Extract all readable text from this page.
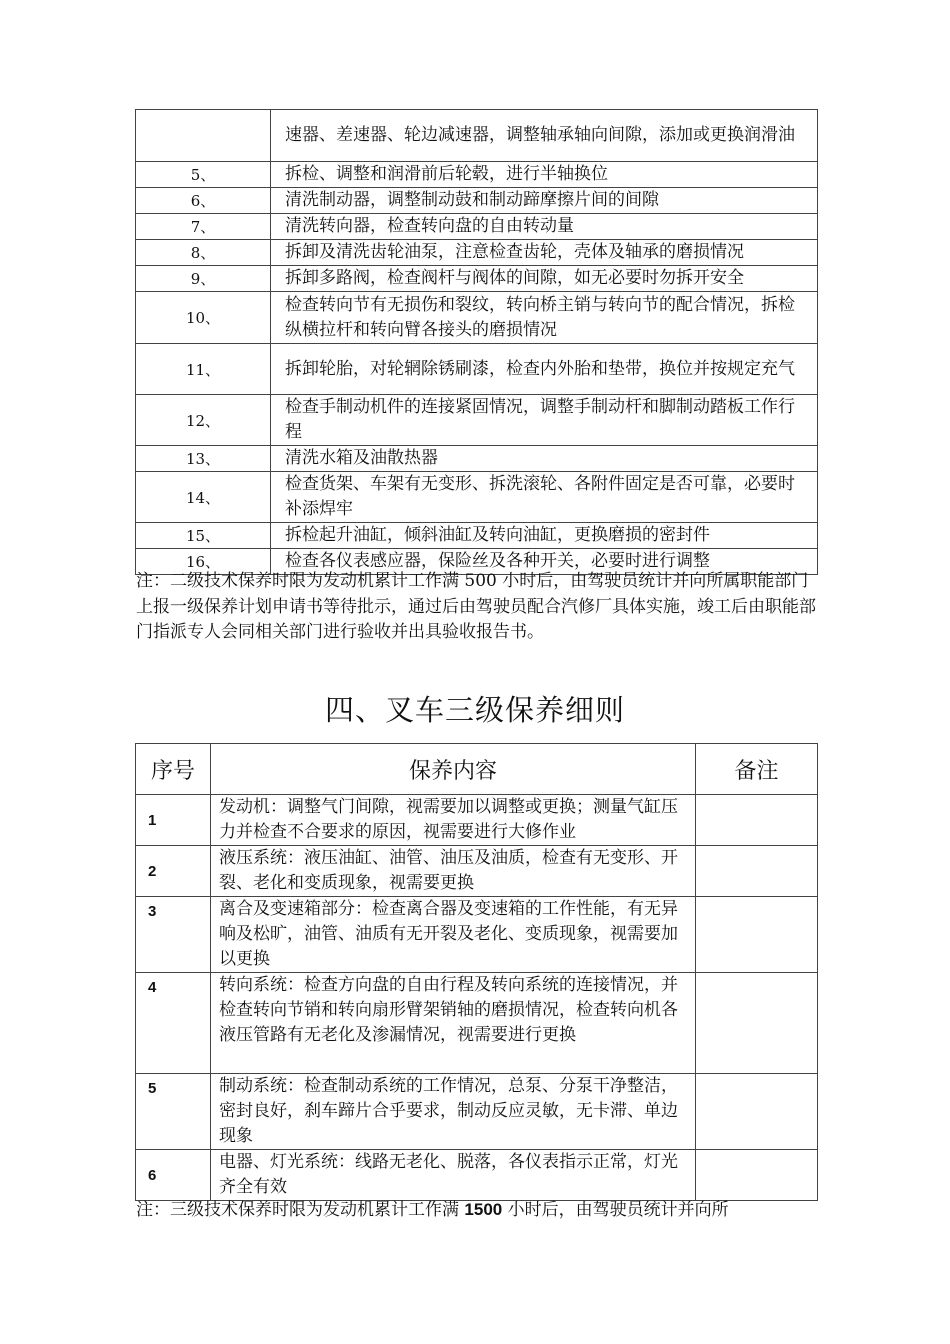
	速器、差速器、轮边减速器，调整轴承轴向间隙，添加或更换润滑油
5、	拆检、调整和润滑前后轮毂，进行半轴换位
6、	清洗制动器，调整制动鼓和制动蹄摩擦片间的间隙
7、	清洗转向器，检查转向盘的自由转动量
8、	拆卸及清洗齿轮油泵，注意检查齿轮，壳体及轴承的磨损情况
9、	拆卸多路阀，检查阀杆与阀体的间隙，如无必要时勿拆开安全
10、	检查转向节有无损伤和裂纹，转向桥主销与转向节的配合情况，拆检纵横拉杆和转向臂各接头的磨损情况
11、	拆卸轮胎，对轮辋除锈刷漆，检查内外胎和垫带，换位并按规定充气
12、	检查手制动机件的连接紧固情况，调整手制动杆和脚制动踏板工作行程
13、	清洗水箱及油散热器
14、	检查货架、车架有无变形、拆洗滚轮、各附件固定是否可靠，必要时补添焊牢
15、	拆检起升油缸，倾斜油缸及转向油缸，更换磨损的密封件
16、	检查各仪表感应器，保险丝及各种开关，必要时进行调整
注：二级技术保养时限为发动机累计工作满 500 小时后，由驾驶员统计并向所属职能部门上报一级保养计划申请书等待批示，通过后由驾驶员配合汽修厂具体实施，竣工后由职能部门指派专人会同相关部门进行验收并出具验收报告书。
四、叉车三级保养细则
序号	保养内容	备注
1	发动机：调整气门间隙，视需要加以调整或更换；测量气缸压力并检查不合要求的原因，视需要进行大修作业	
2	液压系统：液压油缸、油管、油压及油质，检查有无变形、开裂、老化和变质现象，视需要更换	
3	离合及变速箱部分：检查离合器及变速箱的工作性能，有无异响及松旷，油管、油质有无开裂及老化、变质现象，视需要加以更换	
4	转向系统：检查方向盘的自由行程及转向系统的连接情况，并检查转向节销和转向扇形臂架销轴的磨损情况，检查转向机各液压管路有无老化及渗漏情况，视需要进行更换	
5	制动系统：检查制动系统的工作情况，总泵、分泵干净整洁，密封良好，刹车蹄片合乎要求，制动反应灵敏，无卡滞、单边现象	
6	电器、灯光系统：线路无老化、脱落，各仪表指示正常，灯光齐全有效	
注：三级技术保养时限为发动机累计工作满 1500 小时后，由驾驶员统计并向所
